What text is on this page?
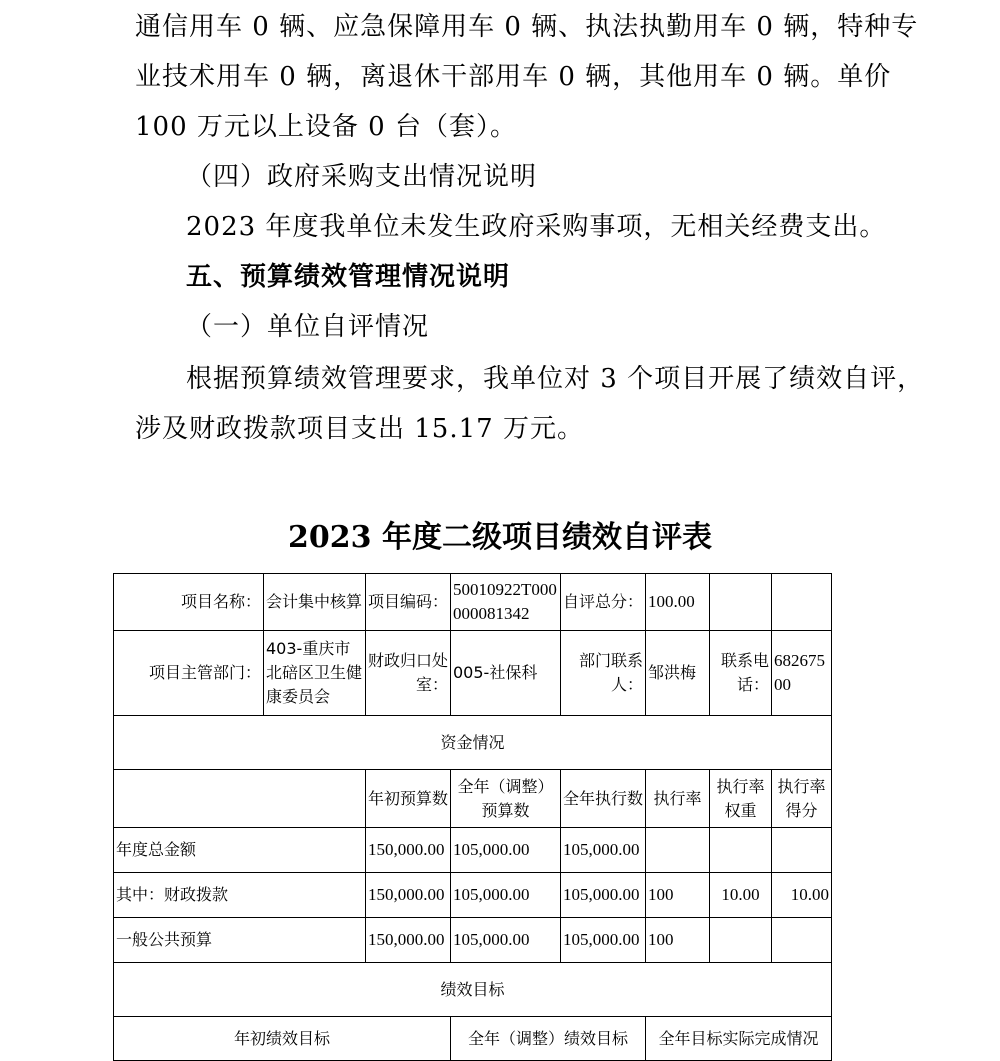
通信用车 0 辆、应急保障用车 0 辆、执法执勤用车 0 辆，特种专
业技术用车 0 辆，离退休干部用车 0 辆，其他用车 0 辆。单价
100 万元以上设备 0 台（套）。
（四）政府采购支出情况说明
2023 年度我单位未发生政府采购事项，无相关经费支出。
五、预算绩效管理情况说明
（一）单位自评情况
根据预算绩效管理要求，我单位对 3 个项目开展了绩效自评，
涉及财政拨款项目支出 15.17 万元。
2023 年度二级项目绩效自评表
项目名称：	会计集中核算	项目编码：	50010922T000000081342	自评总分：	100.00		
项目主管部门：	403-重庆市北碚区卫生健康委员会	财政归口处室：	005-社保科	部门联系人：	邹洪梅	联系电话：	68267500
资金情况							
		年初预算数	全年（调整）预算数	全年执行数	执行率	执行率权重	执行率得分
年度总金额		150,000.00	105,000.00	105,000.00			
其中：财政拨款		150,000.00	105,000.00	105,000.00	100	10.00	10.00
一般公共预算		150,000.00	105,000.00	105,000.00	100		
绩效目标							
年初绩效目标			全年（调整）绩效目标		全年目标实际完成情况		
